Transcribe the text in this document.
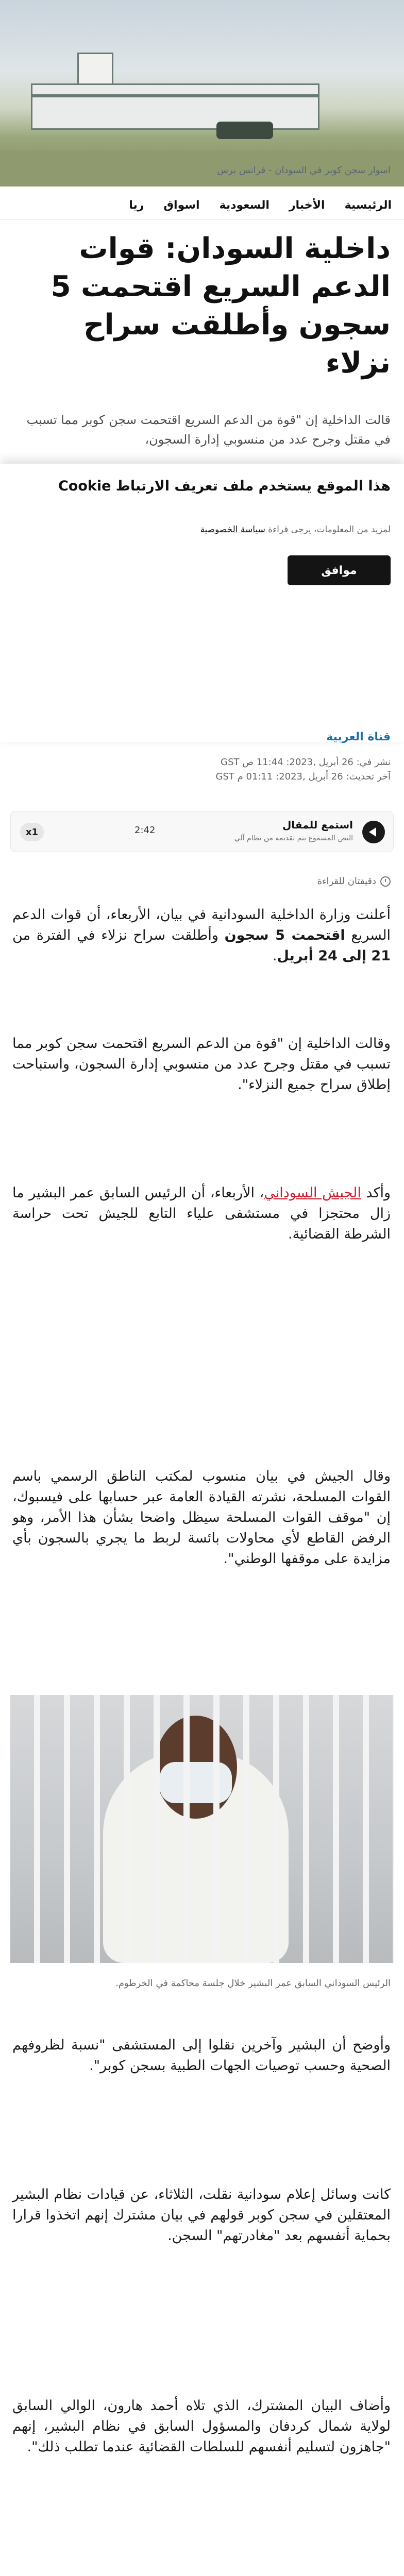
اسوار سجن كوبر في السودان - فرانس برس
الرئيسية
الأخبار
السعودية
اسواق
ريا
داخلية السودان: قوات الدعم السريع اقتحمت 5 سجون وأطلقت سراح نزلاء

قالت الداخلية إن "قوة من الدعم السريع اقتحمت سجن كوبر مما تسبب في مقتل وجرح عدد من منسوبي إدارة السجون،

هذا الموقع يستخدم ملف تعريف الارتباط Cookie
لمزيد من المعلومات، يرجى قراءة سياسة الخصوصية
موافق
قناة العربية
نشر في: 26 أبريل ,2023: 11:44 ص GST
آخر تحديث: 26 أبريل ,2023: 01:11 م GST
استمع للمقال
النص المسموع يتم تقديمه من نظام آلي
2:42
x1
دقيقتان للقراءة

أعلنت وزارة الداخلية السودانية في بيان، الأربعاء، أن قوات الدعم السريع اقتحمت 5 سجون وأطلقت سراح نزلاء في الفترة من 21 إلى 24 أبريل.

وقالت الداخلية إن "قوة من الدعم السريع اقتحمت سجن كوبر مما تسبب في مقتل وجرح عدد من منسوبي إدارة السجون، واستباحت إطلاق سراح جميع النزلاء".

وأكد الجيش السوداني، الأربعاء، أن الرئيس السابق عمر البشير ما زال محتجزا في مستشفى علياء التابع للجيش تحت حراسة الشرطة القضائية.

وقال الجيش في بيان منسوب لمكتب الناطق الرسمي باسم القوات المسلحة، نشرته القيادة العامة عبر حسابها على فيسبوك، إن "موقف القوات المسلحة سيظل واضحا بشأن هذا الأمر، وهو الرفض القاطع لأي محاولات بائسة لربط ما يجري بالسجون بأي مزايدة على موقفها الوطني".

الرئيس السوداني السابق عمر البشير خلال جلسة محاكمة في الخرطوم.

وأوضح أن البشير وآخرين نقلوا إلى المستشفى "نسبة لظروفهم الصحية وحسب توصيات الجهات الطبية بسجن كوبر".

كانت وسائل إعلام سودانية نقلت، الثلاثاء، عن قيادات نظام البشير المعتقلين في سجن كوبر قولهم في بيان مشترك إنهم اتخذوا قرارا بحماية أنفسهم بعد "مغادرتهم" السجن.

وأضاف البيان المشترك، الذي تلاه أحمد هارون، الوالي السابق لولاية شمال كردفان والمسؤول السابق في نظام البشير، إنهم "جاهزون لتسليم أنفسهم للسلطات القضائية عندما تطلب ذلك".
